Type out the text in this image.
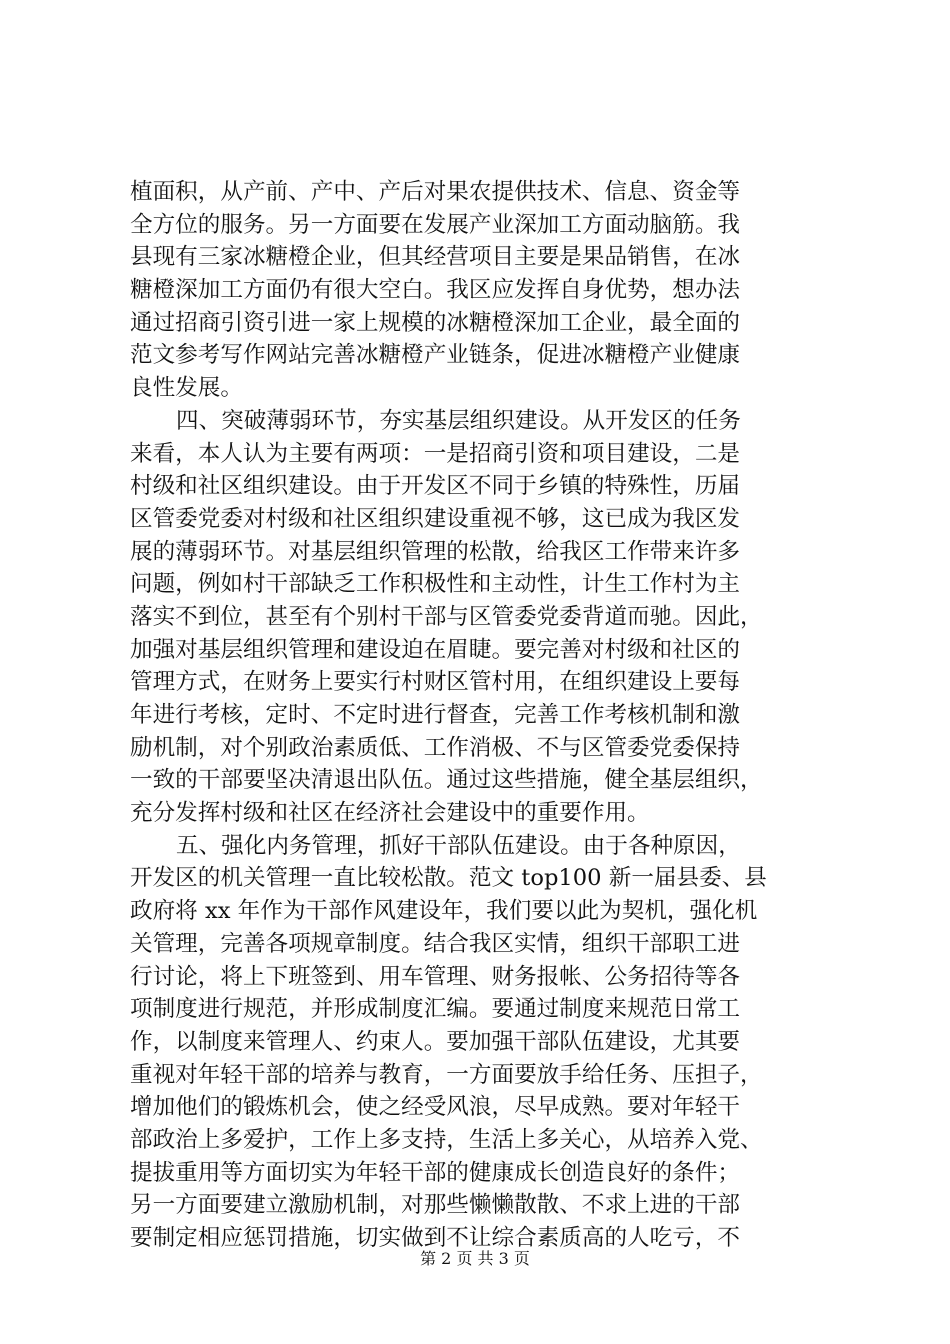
植面积，从产前、产中、产后对果农提供技术、信息、资金等
全方位的服务。另一方面要在发展产业深加工方面动脑筋。我
县现有三家冰糖橙企业，但其经营项目主要是果品销售，在冰
糖橙深加工方面仍有很大空白。我区应发挥自身优势，想办法
通过招商引资引进一家上规模的冰糖橙深加工企业，最全面的
范文参考写作网站完善冰糖橙产业链条，促进冰糖橙产业健康
良性发展。
四、突破薄弱环节，夯实基层组织建设。从开发区的任务
来看，本人认为主要有两项：一是招商引资和项目建设，二是
村级和社区组织建设。由于开发区不同于乡镇的特殊性，历届
区管委党委对村级和社区组织建设重视不够，这已成为我区发
展的薄弱环节。对基层组织管理的松散，给我区工作带来许多
问题，例如村干部缺乏工作积极性和主动性，计生工作村为主
落实不到位，甚至有个别村干部与区管委党委背道而驰。因此，
加强对基层组织管理和建设迫在眉睫。要完善对村级和社区的
管理方式，在财务上要实行村财区管村用，在组织建设上要每
年进行考核，定时、不定时进行督查，完善工作考核机制和激
励机制，对个别政治素质低、工作消极、不与区管委党委保持
一致的干部要坚决清退出队伍。通过这些措施，健全基层组织，
充分发挥村级和社区在经济社会建设中的重要作用。
五、强化内务管理，抓好干部队伍建设。由于各种原因，
开发区的机关管理一直比较松散。范文 top100 新一届县委、县
政府将 xx 年作为干部作风建设年，我们要以此为契机，强化机
关管理，完善各项规章制度。结合我区实情，组织干部职工进
行讨论，将上下班签到、用车管理、财务报帐、公务招待等各
项制度进行规范，并形成制度汇编。要通过制度来规范日常工
作，以制度来管理人、约束人。要加强干部队伍建设，尤其要
重视对年轻干部的培养与教育，一方面要放手给任务、压担子，
增加他们的锻炼机会，使之经受风浪，尽早成熟。要对年轻干
部政治上多爱护，工作上多支持，生活上多关心，从培养入党、
提拔重用等方面切实为年轻干部的健康成长创造良好的条件；
另一方面要建立激励机制，对那些懒懒散散、不求上进的干部
要制定相应惩罚措施，切实做到不让综合素质高的人吃亏，不
第 2 页 共 3 页
